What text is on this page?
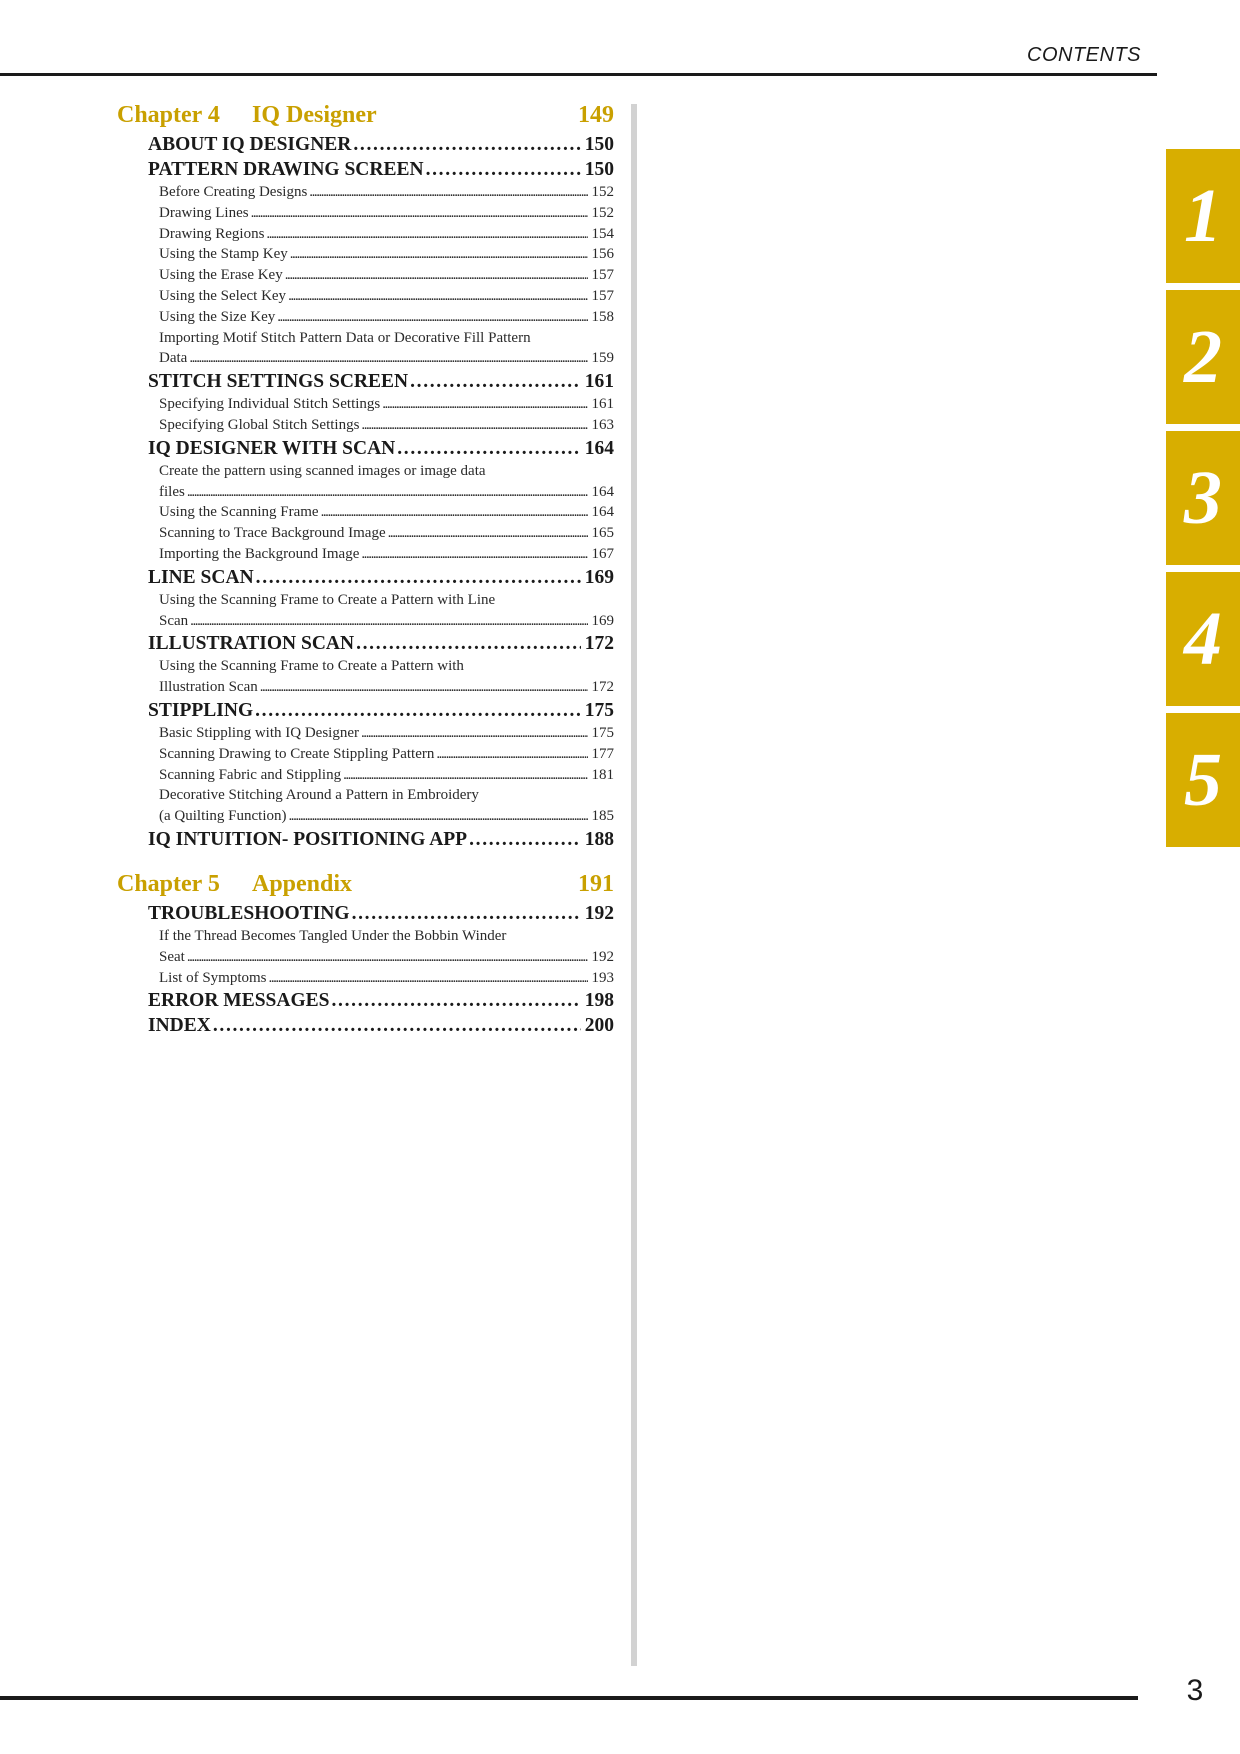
CONTENTS
Chapter 4 IQ Designer	149
ABOUT IQ DESIGNER . . .	150
PATTERN DRAWING SCREEN . . .	150
Before Creating Designs . . .	152
Drawing Lines . . .	152
Drawing Regions . . .	154
Using the Stamp Key . . .	156
Using the Erase Key . . .	157
Using the Select Key . . .	157
Using the Size Key . . .	158
Importing Motif Stitch Pattern Data or Decorative Fill Pattern
Data . . .	159
STITCH SETTINGS SCREEN . . .	161
Specifying Individual Stitch Settings . . .	161
Specifying Global Stitch Settings . . .	163
IQ DESIGNER WITH SCAN . . .	164
Create the pattern using scanned images or image data
files . . .	164
Using the Scanning Frame . . .	164
Scanning to Trace Background Image . . .	165
Importing the Background Image . . .	167
LINE SCAN . . .	169
Using the Scanning Frame to Create a Pattern with Line
Scan . . .	169
ILLUSTRATION SCAN . . .	172
Using the Scanning Frame to Create a Pattern with
Illustration Scan . . .	172
STIPPLING . . .	175
Basic Stippling with IQ Designer . . .	175
Scanning Drawing to Create Stippling Pattern . . .	177
Scanning Fabric and Stippling . . .	181
Decorative Stitching Around a Pattern in Embroidery
(a Quilting Function) . . .	185
IQ INTUITION- POSITIONING APP . . .	188
Chapter 5 Appendix	191
TROUBLESHOOTING . . .	192
If the Thread Becomes Tangled Under the Bobbin Winder
Seat . . .	192
List of Symptoms . . .	193
ERROR MESSAGES . . .	198
INDEX . . .	200
1
2
3
4
5
3
